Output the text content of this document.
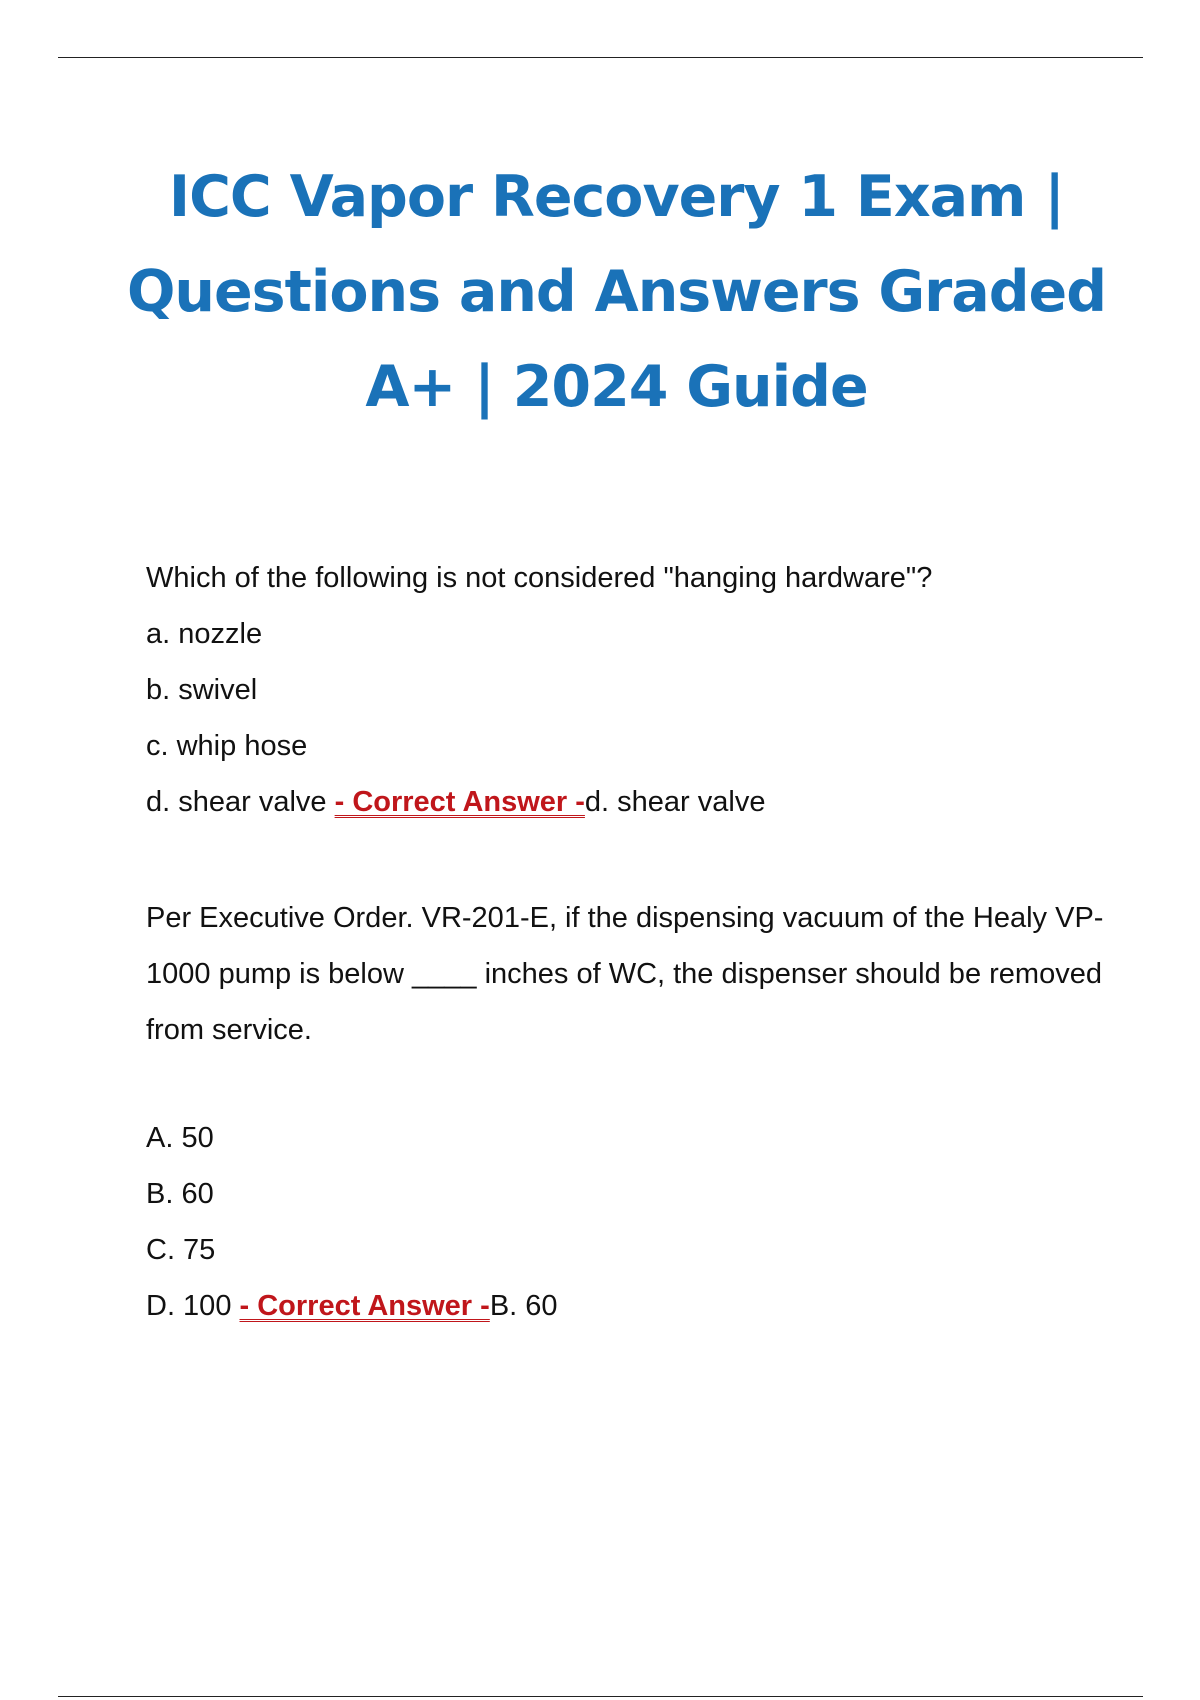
ICC Vapor Recovery 1 Exam | Questions and Answers Graded A+ | 2024 Guide
Which of the following is not considered "hanging hardware"?
a. nozzle
b. swivel
c. whip hose
d. shear valve - Correct Answer -d. shear valve
Per Executive Order. VR-201-E, if the dispensing vacuum of the Healy VP-1000 pump is below ____ inches of WC, the dispenser should be removed from service.
A. 50
B. 60
C. 75
D. 100 - Correct Answer -B. 60
